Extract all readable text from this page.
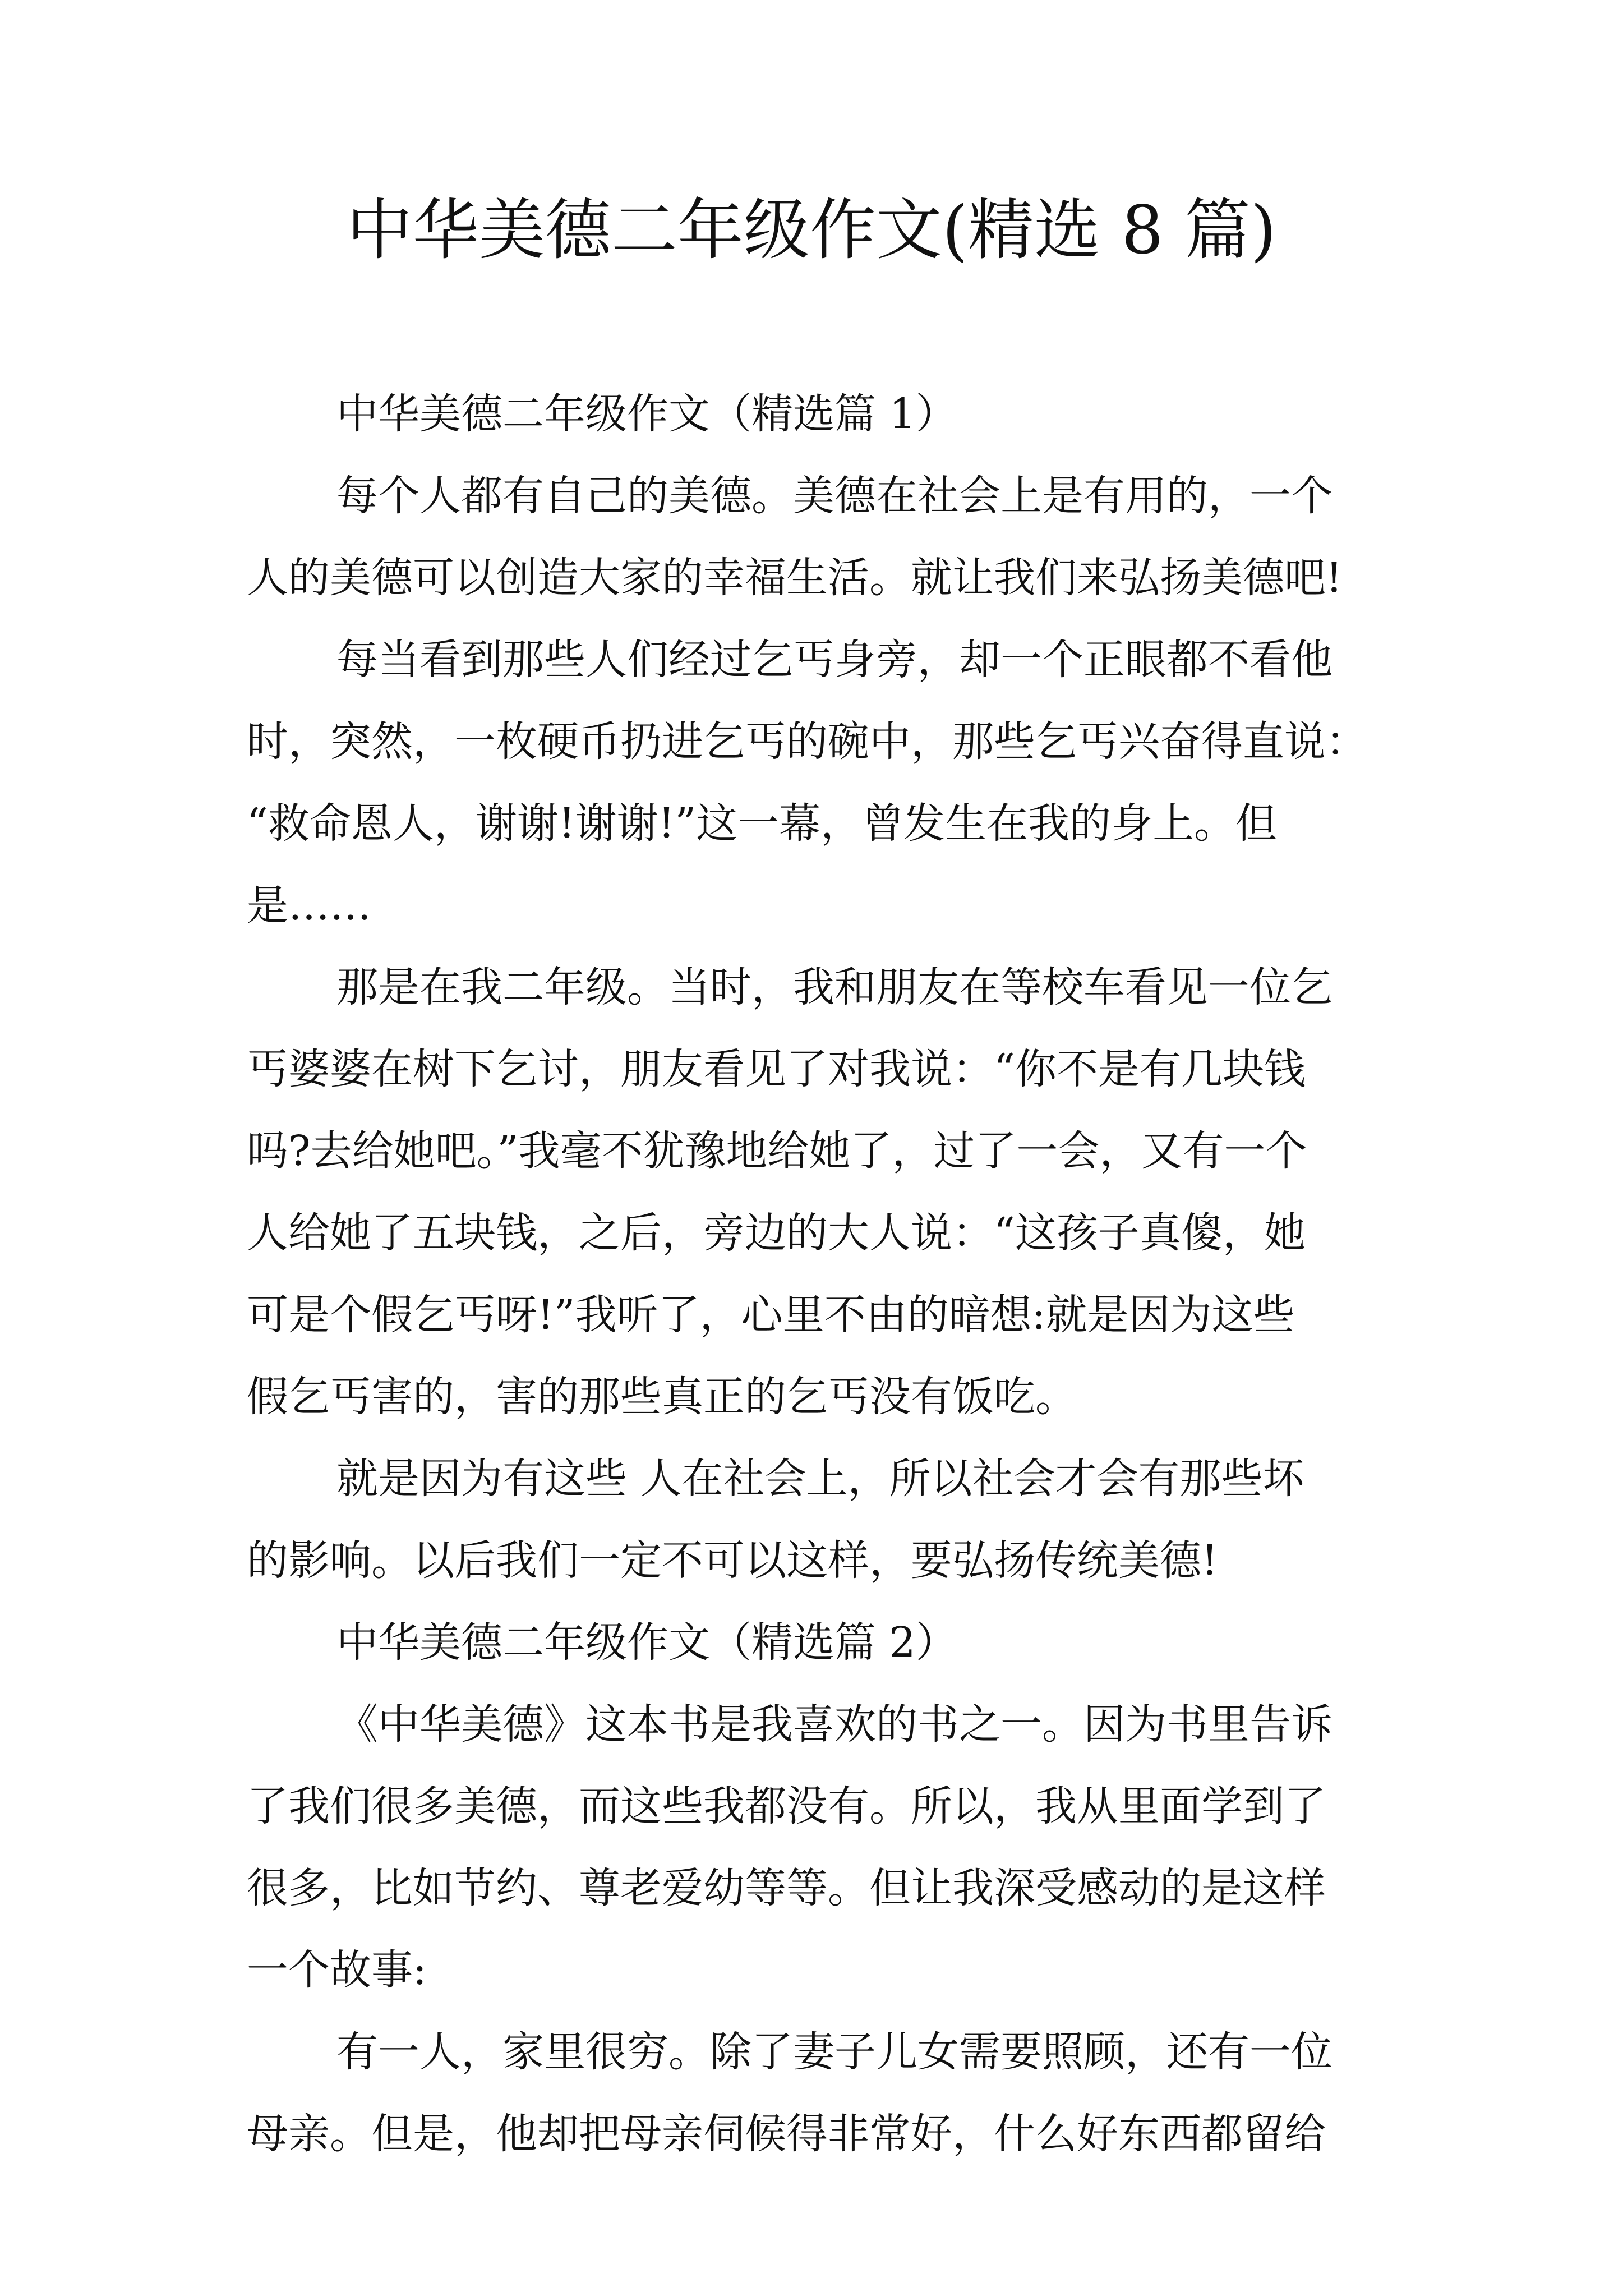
中华美德二年级作文(精选 8 篇)
中华美德二年级作文（精选篇 1）
每个人都有自己的美德。美德在社会上是有用的，一个
人的美德可以创造大家的幸福生活。就让我们来弘扬美德吧!
每当看到那些人们经过乞丐身旁，却一个正眼都不看他
时，突然，一枚硬币扔进乞丐的碗中，那些乞丐兴奋得直说：
“救命恩人，谢谢!谢谢!”这一幕，曾发生在我的身上。但
是……
那是在我二年级。当时，我和朋友在等校车看见一位乞
丐婆婆在树下乞讨，朋友看见了对我说：“你不是有几块钱
吗?去给她吧。”我毫不犹豫地给她了，过了一会，又有一个
人给她了五块钱，之后，旁边的大人说：“这孩子真傻，她
可是个假乞丐呀!”我听了，心里不由的暗想:就是因为这些
假乞丐害的，害的那些真正的乞丐没有饭吃。
就是因为有这些 人在社会上，所以社会才会有那些坏
的影响。以后我们一定不可以这样，要弘扬传统美德!
中华美德二年级作文（精选篇 2）
《中华美德》这本书是我喜欢的书之一。因为书里告诉
了我们很多美德，而这些我都没有。所以，我从里面学到了
很多，比如节约、尊老爱幼等等。但让我深受感动的是这样
一个故事:
有一人，家里很穷。除了妻子儿女需要照顾，还有一位
母亲。但是，他却把母亲伺候得非常好，什么好东西都留给
